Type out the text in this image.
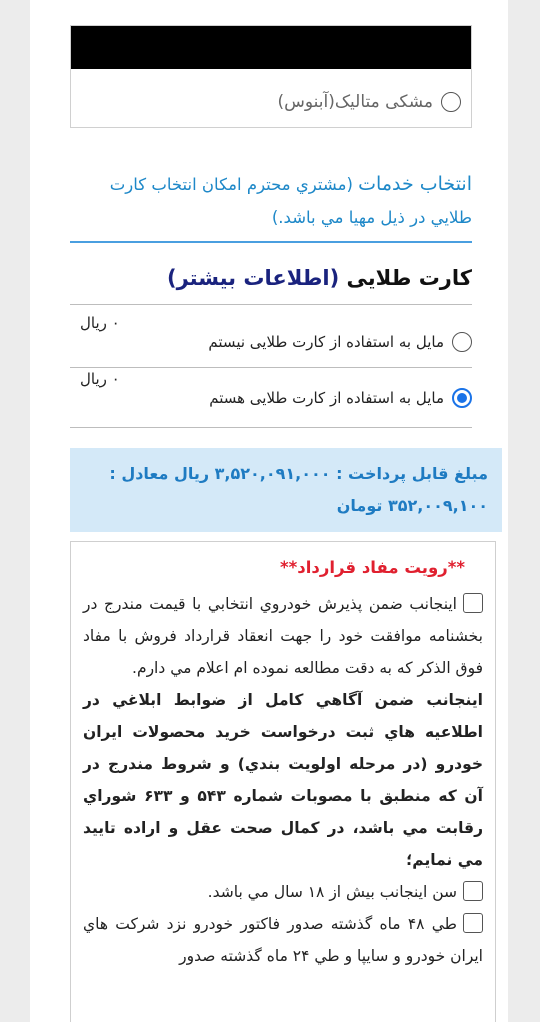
مشکی متالیک(آبنوس)
انتخاب خدمات (مشتري محترم امکان انتخاب کارت طلايي در ذيل مهيا مي باشد.)
کارت طلایی (اطلاعات بیشتر)
مایل به استفاده از کارت طلایی نیستم
۰ ریال
مایل به استفاده از کارت طلایی هستم
۰ ریال
مبلغ قابل پرداخت : ۳,۵۲۰,۰۹۱,۰۰۰ ریال معادل : ۳۵۲,۰۰۹,۱۰۰ تومان
**رویت مفاد قرارداد**
اينجانب ضمن پذيرش خودروي انتخابي با قيمت مندرج در بخشنامه موافقت خود را جهت انعقاد قرارداد فروش با مفاد فوق الذکر که به دقت مطالعه نموده ام اعلام مي دارم.
اينجانب ضمن آگاهي کامل از ضوابط ابلاغي در اطلاعيه هاي ثبت درخواست خريد محصولات ايران خودرو (در مرحله اولويت بندي) و شروط مندرج در آن که منطبق با مصوبات شماره ۵۴۳ و ۶۳۳ شوراي رقابت مي باشد، در کمال صحت عقل و اراده تاييد مي نمايم؛
سن اينجانب بيش از ۱۸ سال مي باشد.
طي ۴۸ ماه گذشته صدور فاکتور خودرو نزد شرکت هاي ايران خودرو و سايپا و طي ۲۴ ماه گذشته صدور
